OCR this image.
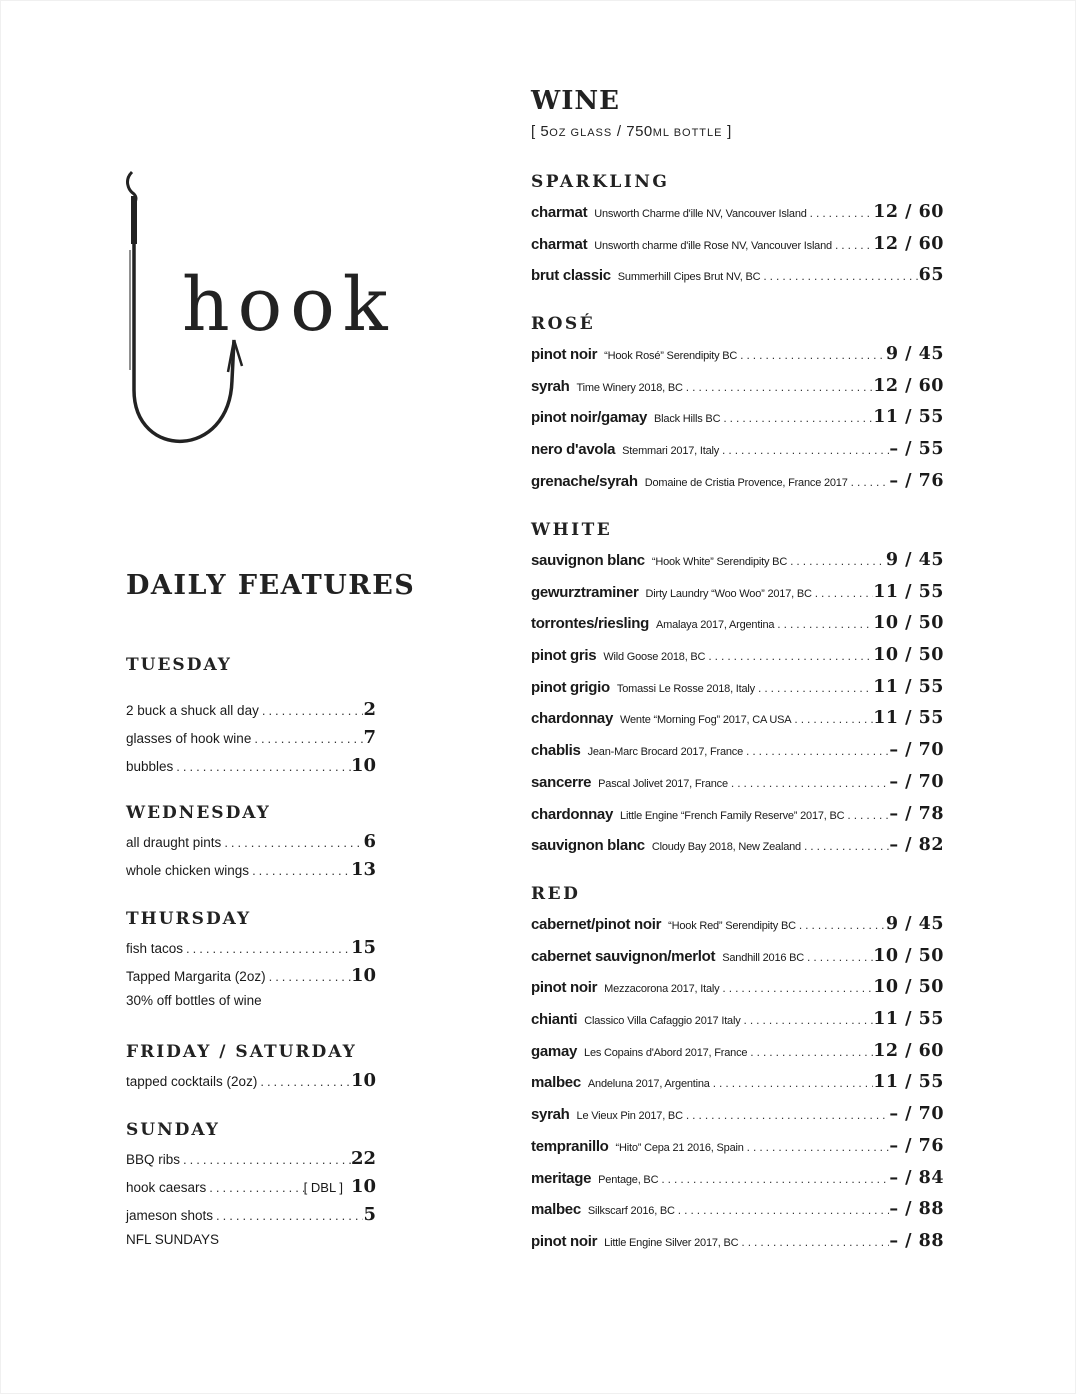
hook
DAILY FEATURES
TUESDAY
2 buck a shuck all day .....	2
glasses of hook wine .....	7
bubbles .....	10
WEDNESDAY
all draught pints .....	6
whole chicken wings .....	13
THURSDAY
fish tacos .....	15
Tapped Margarita (2oz) .....	10
30% off bottles of wine
FRIDAY / SATURDAY
tapped cocktails (2oz) .....	10
SUNDAY
BBQ ribs .....	22
hook caesars .....	[ DBL ] 10
jameson shots .....	5
NFL SUNDAYS
WINE
[ 5OZ GLASS / 750ML BOTTLE ]
SPARKLING
charmat Unsworth Charme d'ille NV, Vancouver Island .....	12 / 60
charmat Unsworth charme d'ille Rose NV, Vancouver Island ..... 12 / 60
brut classic Summerhill Cipes Brut NV, BC .....	65
ROSÉ
pinot noir “Hook Rosé” Serendipity BC .....	9 / 45
syrah Time Winery 2018, BC .....	12 / 60
pinot noir/gamay Black Hills BC .....	11 / 55
nero d'avola Stemmari 2017, Italy .....	– / 55
grenache/syrah Domaine de Cristia Provence, France 2017 ..... – / 76
WHITE
sauvignon blanc “Hook White” Serendipity BC .....	9 / 45
gewurztraminer Dirty Laundry “Woo Woo” 2017, BC .....	11 / 55
torrontes/riesling Amalaya 2017, Argentina .....	10 / 50
pinot gris Wild Goose 2018, BC .....	10 / 50
pinot grigio Tomassi Le Rosse 2018, Italy .....	11 / 55
chardonnay Wente “Morning Fog” 2017, CA USA .....	11 / 55
chablis Jean-Marc Brocard 2017, France .....	– / 70
sancerre Pascal Jolivet 2017, France .....	– / 70
chardonnay Little Engine “French Family Reserve” 2017, BC .....	– / 78
sauvignon blanc Cloudy Bay 2018, New Zealand .....	– / 82
RED
cabernet/pinot noir “Hook Red” Serendipity BC .....	9 / 45
cabernet sauvignon/merlot Sandhill 2016 BC .....	10 / 50
pinot noir Mezzacorona 2017, Italy .....	10 / 50
chianti Classico Villa Cafaggio 2017 Italy .....	11 / 55
gamay Les Copains d'Abord 2017, France .....	12 / 60
malbec Andeluna 2017, Argentina .....	11 / 55
syrah Le Vieux Pin 2017, BC .....	– / 70
tempranillo “Hito” Cepa 21 2016, Spain .....	– / 76
meritage Pentage, BC .....	– / 84
malbec Silkscarf 2016, BC .....	– / 88
pinot noir Little Engine Silver 2017, BC .....	– / 88
